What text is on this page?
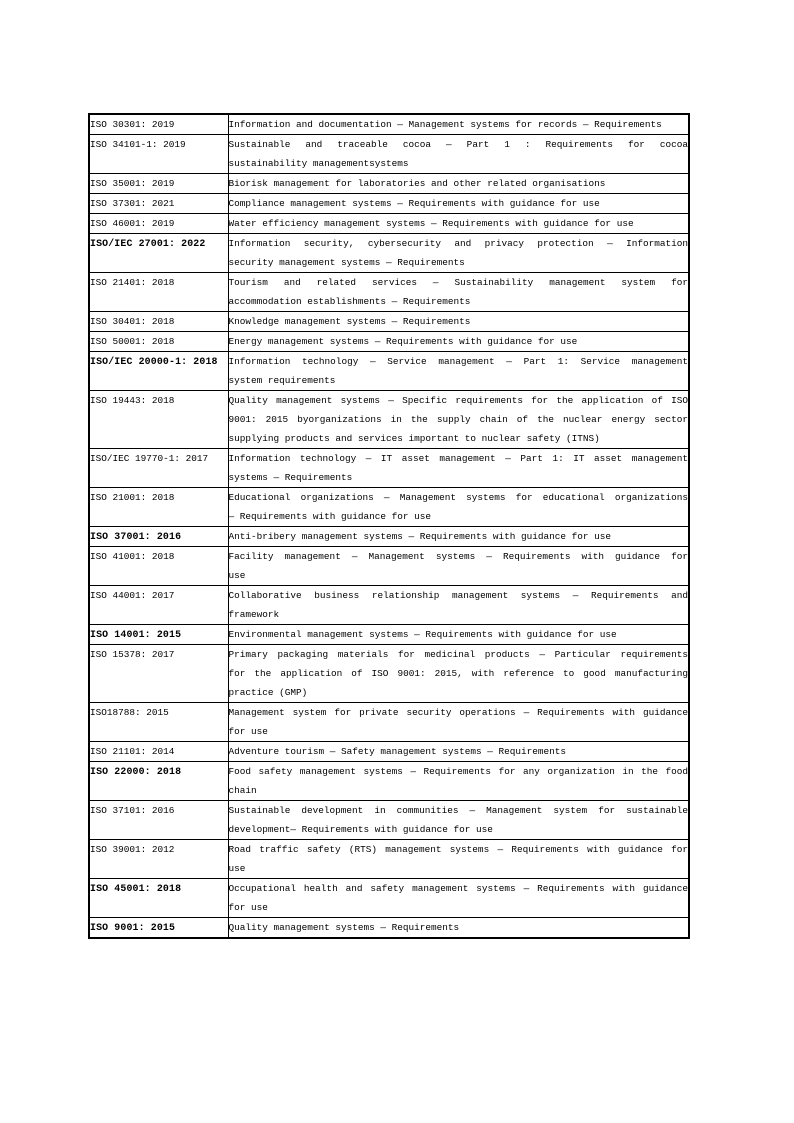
ISO 30301: 2019	Information and documentation — Management systems for records — Requirements

ISO 34101-1: 2019	Sustainable and traceable cocoa — Part 1 : Requirements for cocoa
sustainability managementsystems

ISO 35001: 2019	Biorisk management for laboratories and other related organisations

ISO 37301: 2021	Compliance management systems — Requirements with guidance for use

ISO 46001: 2019	Water efficiency management systems — Requirements with guidance for use

ISO/IEC 27001: 2022	Information security, cybersecurity and privacy protection — Information
security management systems — Requirements

ISO 21401: 2018	Tourism and related services — Sustainability management system for
accommodation establishments — Requirements

ISO 30401: 2018	Knowledge management systems — Requirements

ISO 50001: 2018	Energy management systems — Requirements with guidance for use

ISO/IEC 20000-1: 2018	Information technology — Service management — Part 1: Service management
system requirements

ISO 19443: 2018	Quality management systems — Specific requirements for the application of ISO
9001: 2015 byorganizations in the supply chain of the nuclear energy sector
supplying products and services important to nuclear safety (ITNS)

ISO/IEC 19770-1: 2017	Information technology — IT asset management — Part 1: IT asset management
systems — Requirements

ISO 21001: 2018	Educational organizations — Management systems for educational organizations
— Requirements with guidance for use

ISO 37001: 2016	Anti-bribery management systems — Requirements with guidance for use

ISO 41001: 2018	Facility management — Management systems — Requirements with guidance for
use

ISO 44001: 2017	Collaborative business relationship management systems — Requirements and
framework

ISO 14001: 2015	Environmental management systems — Requirements with guidance for use

ISO 15378: 2017	Primary packaging materials for medicinal products — Particular requirements
for the application of ISO 9001: 2015, with reference to good manufacturing
practice (GMP)

ISO18788: 2015	Management system for private security operations — Requirements with guidance
for use

ISO 21101: 2014	Adventure tourism — Safety management systems — Requirements

ISO 22000: 2018	Food safety management systems — Requirements for any organization in the food
chain

ISO 37101: 2016	Sustainable development in communities — Management system for sustainable
development— Requirements with guidance for use

ISO 39001: 2012	Road traffic safety (RTS) management systems — Requirements with guidance for
use

ISO 45001: 2018	Occupational health and safety management systems — Requirements with guidance
for use

ISO 9001: 2015	Quality management systems — Requirements
